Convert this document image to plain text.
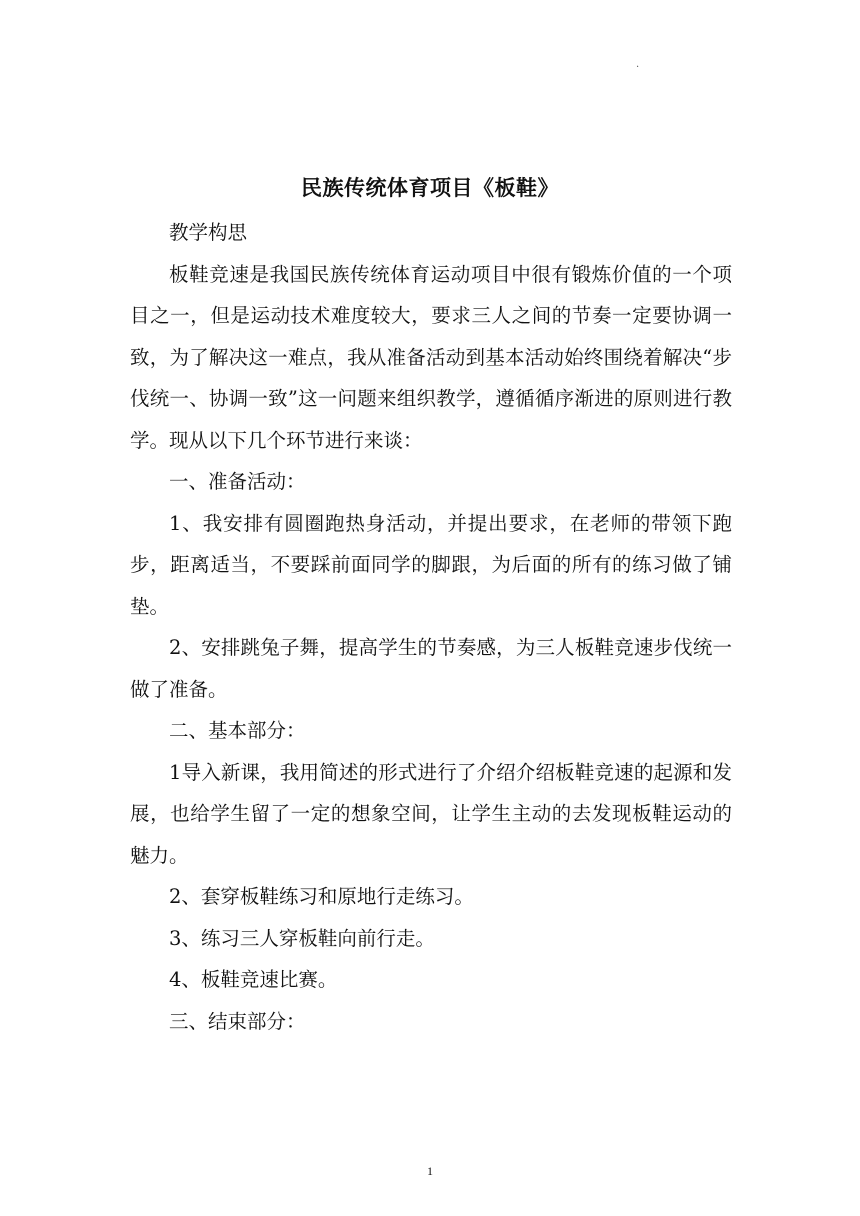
.
民族传统体育项目《板鞋》

教学构思

板鞋竞速是我国民族传统体育运动项目中很有锻炼价值的一个项目之一，但是运动技术难度较大，要求三人之间的节奏一定要协调一致，为了解决这一难点，我从准备活动到基本活动始终围绕着解决“步伐统一、协调一致”这一问题来组织教学，遵循循序渐进的原则进行教学。现从以下几个环节进行来谈：

一、准备活动：

1、我安排有圆圈跑热身活动，并提出要求，在老师的带领下跑步，距离适当，不要踩前面同学的脚跟，为后面的所有的练习做了铺垫。

2、安排跳兔子舞，提高学生的节奏感，为三人板鞋竞速步伐统一做了准备。

二、基本部分：

1导入新课，我用简述的形式进行了介绍介绍板鞋竞速的起源和发展，也给学生留了一定的想象空间，让学生主动的去发现板鞋运动的魅力。

2、套穿板鞋练习和原地行走练习。

3、练习三人穿板鞋向前行走。

4、板鞋竞速比赛。

三、结束部分：

1
